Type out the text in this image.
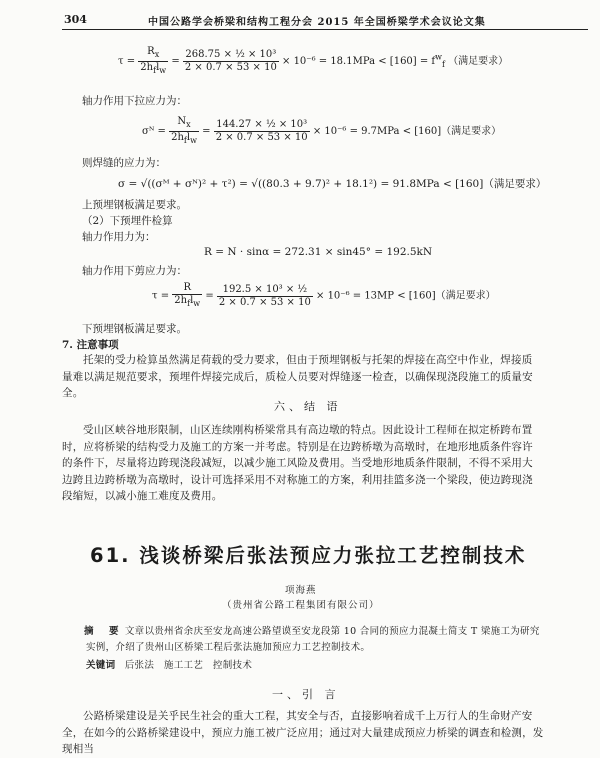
304	中国公路学会桥梁和结构工程分会 2015 年全国桥梁学术会议论文集
$\tau = \frac{R_x}{2h_fl_w} = \frac{\text{268.75 × ½ × 10³}}{2 \times 0.7 \times 53 \times 10} \times 10^{-6} = 18.1MPa < [160] = f^w_f$ （满足要求）
轴力作用下拉应力为：
σᴺ = $\frac{N_x}{2h_fl_w} = \frac{\text{144.27 × ½ × 10³}}{2 \times 0.7 \times 53 \times 10} \times 10^{-6} = 9.7MPa < [160]$（满足要求）
则焊缝的应力为：
σ = √((σᴹ + σᴺ)² + τ²) = √((80.3 + 9.7)² + 18.1²) = 91.8MPa < [160]（满足要求）
上预埋钢板满足要求。
（2）下预埋件检算
轴力作用力为：
R = N · sinα = 272.31 × sin45° = 192.5kN
轴力作用下剪应力为：
$\tau = \frac{R}{2h_fl_w} = \frac{\text{192.5 × 10³ × ½}}{2 \times 0.7 \times 53 \times 10} \times 10^{-6} = 13MP < [160]$（满足要求）
下预埋钢板满足要求。
7. 注意事项
托架的受力检算虽然满足荷载的受力要求，但由于预埋钢板与托架的焊接在高空中作业，焊接质量难以满足规范要求，预埋件焊接完成后，质检人员要对焊缝逐一检查，以确保现浇段施工的质量安全。
六、结 语
受山区峡谷地形限制，山区连续刚构桥梁常具有高边墩的特点。因此设计工程师在拟定桥跨布置时，应将桥梁的结构受力及施工的方案一并考虑。特别是在边跨桥墩为高墩时，在地形地质条件容许的条件下，尽量将边跨现浇段减短，以减少施工风险及费用。当受地形地质条件限制，不得不采用大边跨且边跨桥墩为高墩时，设计可选择采用不对称施工的方案，利用挂篮多浇一个梁段，使边跨现浇段缩短，以减小施工难度及费用。
61. 浅谈桥梁后张法预应力张拉工艺控制技术
项海燕
（贵州省公路工程集团有限公司）
摘　要 文章以贵州省余庆至安龙高速公路望谟至安龙段第 10 合同的预应力混凝土简支 T 梁施工为研究实例，介绍了贵州山区桥梁工程后张法施加预应力工艺控制技术。
关键词 后张法　施工工艺　控制技术
一、引 言
公路桥梁建设是关乎民生社会的重大工程，其安全与否，直接影响着成千上万行人的生命财产安全，在如今的公路桥梁建设中，预应力施工被广泛应用；通过对大量建成预应力桥梁的调查和检测，发现相当
